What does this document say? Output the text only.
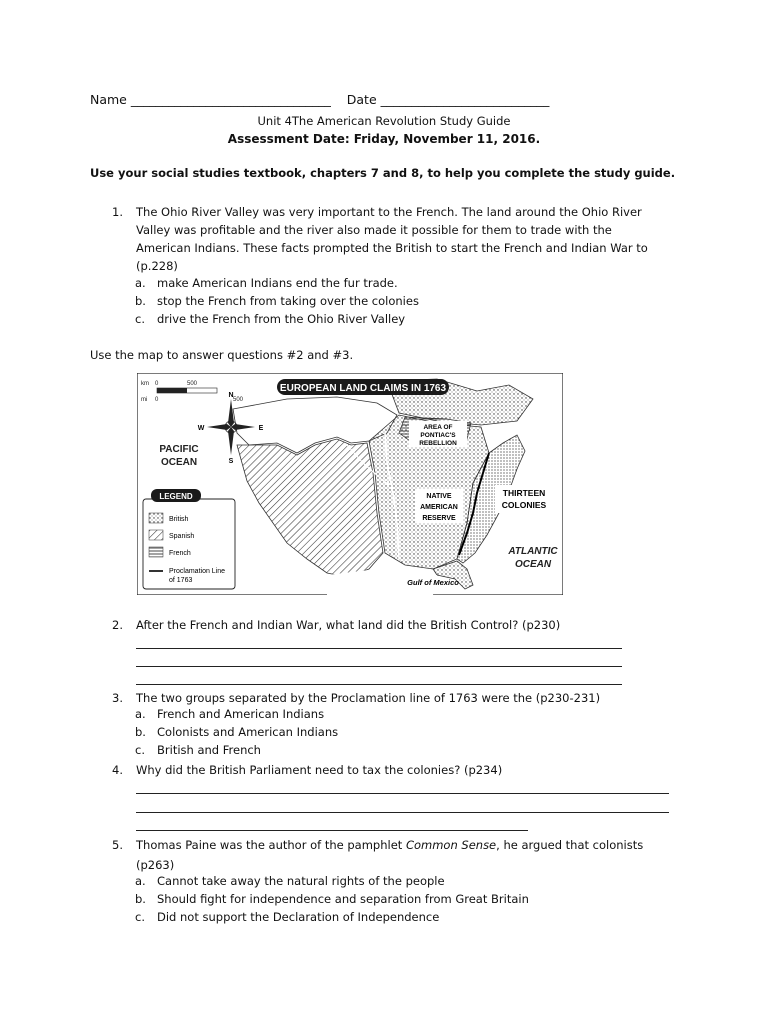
Name ________________________________ Date ___________________________
Unit 4The American Revolution Study Guide
Assessment Date: Friday, November 11, 2016.
Use your social studies textbook, chapters 7 and 8, to help you complete the study guide.
1. The Ohio River Valley was very important to the French. The land around the Ohio River
Valley was profitable and the river also made it possible for them to trade with the
American Indians. These facts prompted the British to start the French and Indian War to
(p.228)
a. make American Indians end the fur trade.
b. stop the French from taking over the colonies
c. drive the French from the Ohio River Valley
Use the map to answer questions #2 and #3.
EUROPEAN LAND CLAIMS IN 1763
km
mi
0	500
0	500
N
S
E
W
PACIFIC
OCEAN
ATLANTIC
OCEAN
AREA OF
PONTIAC'S
REBELLION
NATIVE
AMERICAN
RESERVE
THIRTEEN
COLONIES
Gulf of Mexico
LEGEND
British
Spanish
French
Proclamation Line
of 1763
2. After the French and Indian War, what land did the British Control? (p230)
3. The two groups separated by the Proclamation line of 1763 were the (p230-231)
a. French and American Indians
b. Colonists and American Indians
c. British and French
4. Why did the British Parliament need to tax the colonies? (p234)
5. Thomas Paine was the author of the pamphlet Common Sense, he argued that colonists
(p263)
a. Cannot take away the natural rights of the people
b. Should fight for independence and separation from Great Britain
c. Did not support the Declaration of Independence
